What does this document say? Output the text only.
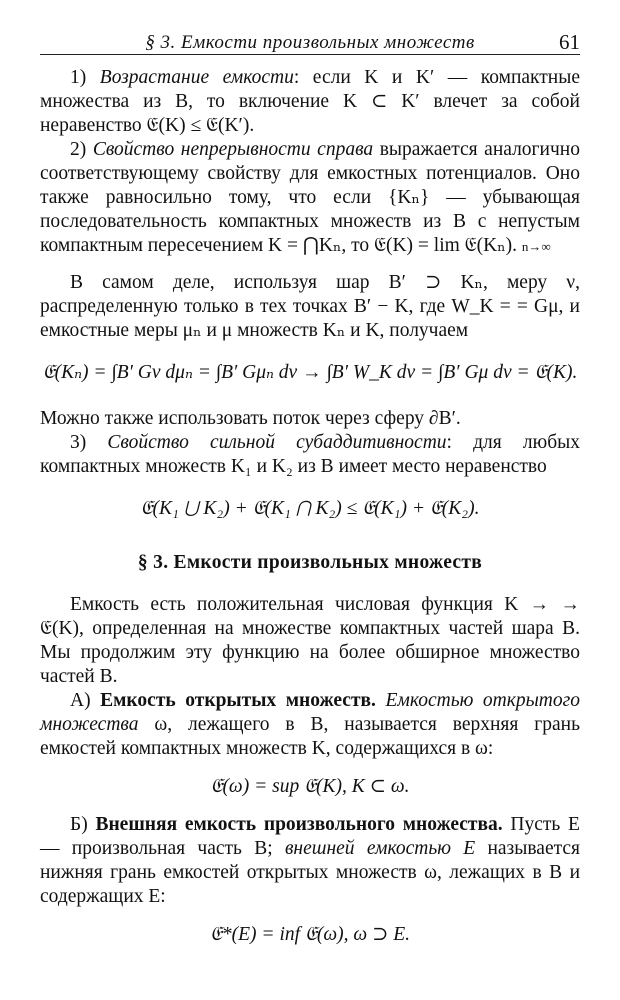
§ 3. Емкости произвольных множеств	61

1) Возрастание емкости: если K и K′ — компактные множества из B, то включение K ⊂ K′ влечет за собой неравенство 𝔈(K) ≤ 𝔈(K′).

2) Свойство непрерывности справа выражается аналогично соответствующему свойству для емкостных потенциалов. Оно также равносильно тому, что если {Kₙ} — убывающая последовательность компактных множеств из B с непустым компактным пересечением K = ⋂Kₙ, то 𝔈(K) = lim 𝔈(Kₙ). n→∞

В самом деле, используя шар B′ ⊃ Kₙ, меру ν, распределенную только в тех точках B′ − K, где W_K = = Gμ, и емкостные меры μₙ и μ множеств Kₙ и K, получаем

𝔈(Kₙ) = ∫B′ Gν dμₙ = ∫B′ Gμₙ dν → ∫B′ W_K dν = ∫B′ Gμ dν = 𝔈(K).

Можно также использовать поток через сферу ∂B′.

3) Свойство сильной субаддитивности: для любых компактных множеств K₁ и K₂ из B имеет место неравенство

𝔈(K₁ ⋃ K₂) + 𝔈(K₁ ⋂ K₂) ≤ 𝔈(K₁) + 𝔈(K₂).
§ 3. Емкости произвольных множеств

Емкость есть положительная числовая функция K → → 𝔈(K), определенная на множестве компактных частей шара B. Мы продолжим эту функцию на более обширное множество частей B.

А) Емкость открытых множеств. Емкостью открытого множества ω, лежащего в B, называется верхняя грань емкостей компактных множеств K, содержащихся в ω:

𝔈(ω) = sup 𝔈(K), K ⊂ ω.

Б) Внешняя емкость произвольного множества. Пусть E — произвольная часть B; внешней емкостью E называется нижняя грань емкостей открытых множеств ω, лежащих в B и содержащих E:

𝔈*(E) = inf 𝔈(ω), ω ⊃ E.
